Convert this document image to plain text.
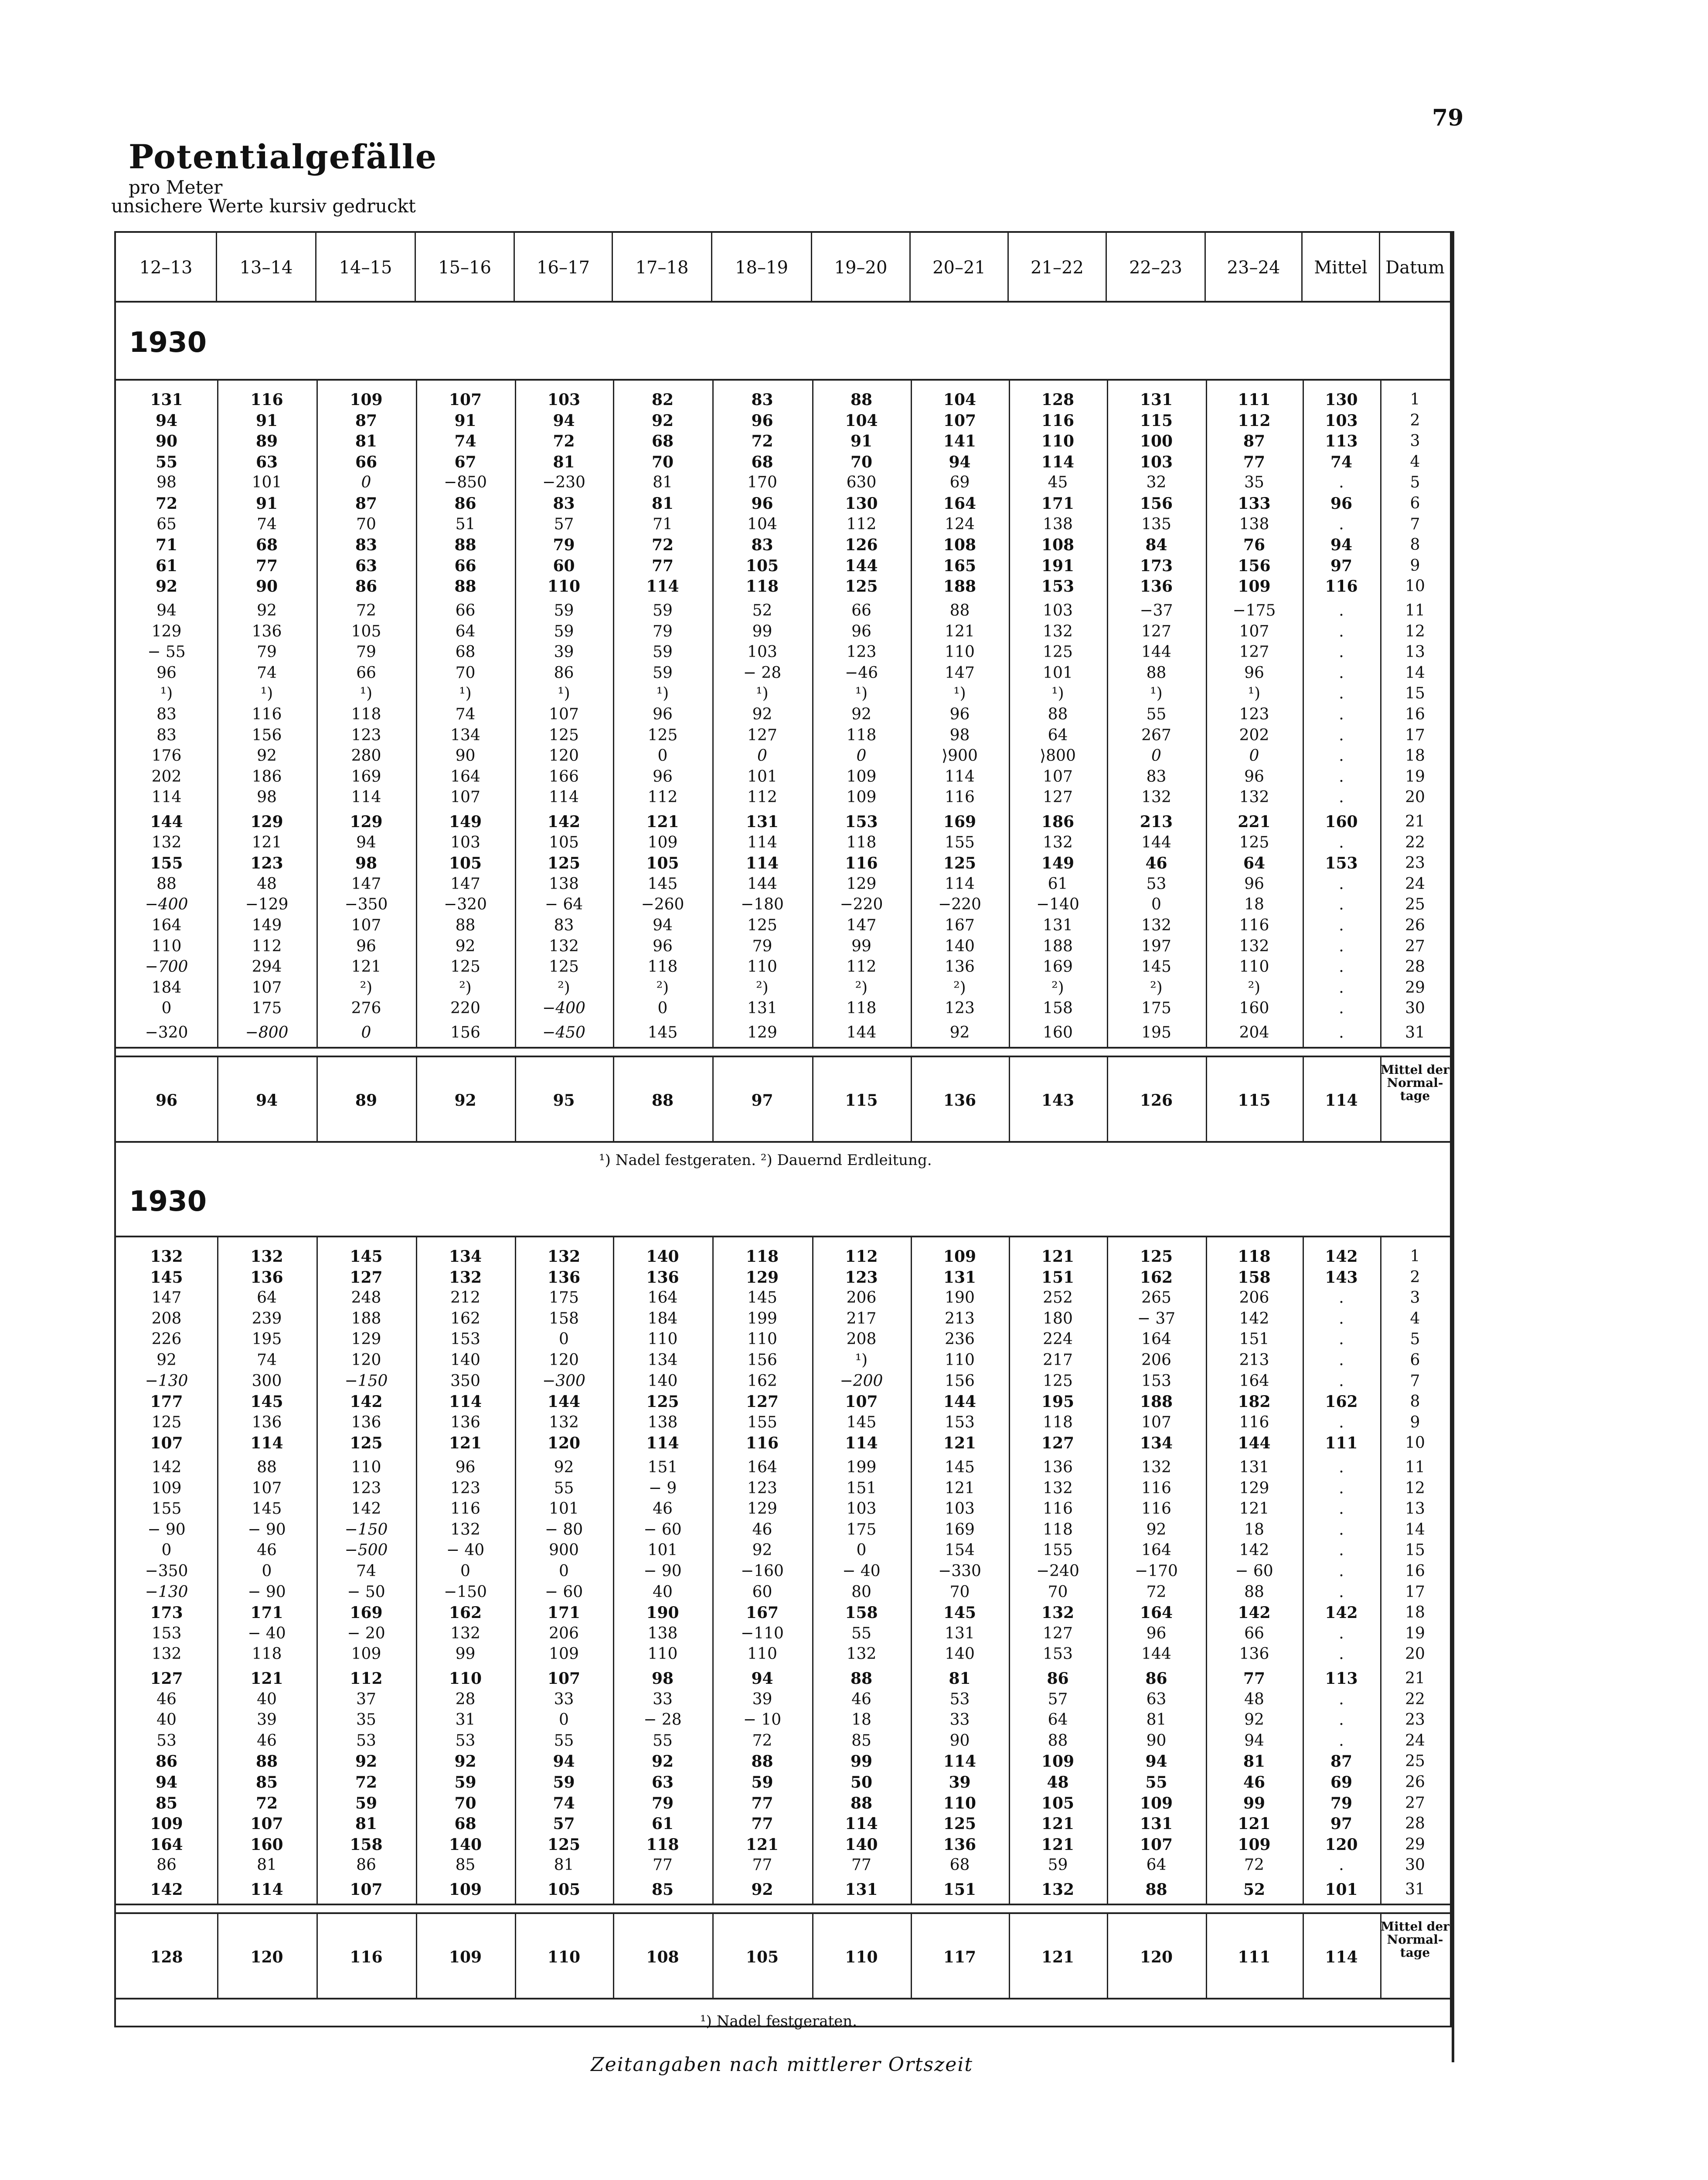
79
Potentialgefälle
pro Meter
unsichere Werte kursiv gedruckt
12–13	13–14	14–15	15–16	16–17	17–18	18–19	19–20	20–21	21–22	22–23	23–24	Mittel	Datum
1930
131	116	109	107	103	82	83	88	104	128	131	111	130	1
94	91	87	91	94	92	96	104	107	116	115	112	103	2
90	89	81	74	72	68	72	91	141	110	100	87	113	3
55	63	66	67	81	70	68	70	94	114	103	77	74	4
98	101	0	−850	−230	81	170	630	69	45	32	35	.	5
72	91	87	86	83	81	96	130	164	171	156	133	96	6
65	74	70	51	57	71	104	112	124	138	135	138	.	7
71	68	83	88	79	72	83	126	108	108	84	76	94	8
61	77	63	66	60	77	105	144	165	191	173	156	97	9
92	90	86	88	110	114	118	125	188	153	136	109	116	10
94	92	72	66	59	59	52	66	88	103	−37	−175	.	11
129	136	105	64	59	79	99	96	121	132	127	107	.	12
− 55	79	79	68	39	59	103	123	110	125	144	127	.	13
96	74	66	70	86	59	− 28	−46	147	101	88	96	.	14
¹)	¹)	¹)	¹)	¹)	¹)	¹)	¹)	¹)	¹)	¹)	¹)	.	15
83	116	118	74	107	96	92	92	96	88	55	123	.	16
83	156	123	134	125	125	127	118	98	64	267	202	.	17
176	92	280	90	120	0	0	0	⟩900	⟩800	0	0	.	18
202	186	169	164	166	96	101	109	114	107	83	96	.	19
114	98	114	107	114	112	112	109	116	127	132	132	.	20
144	129	129	149	142	121	131	153	169	186	213	221	160	21
132	121	94	103	105	109	114	118	155	132	144	125	.	22
155	123	98	105	125	105	114	116	125	149	46	64	153	23
88	48	147	147	138	145	144	129	114	61	53	96	.	24
−400	−129	−350	−320	− 64	−260	−180	−220	−220	−140	0	18	.	25
164	149	107	88	83	94	125	147	167	131	132	116	.	26
110	112	96	92	132	96	79	99	140	188	197	132	.	27
−700	294	121	125	125	118	110	112	136	169	145	110	.	28
184	107	²)	²)	²)	²)	²)	²)	²)	²)	²)	²)	.	29
0	175	276	220	−400	0	131	118	123	158	175	160	.	30
−320	−800	0	156	−450	145	129	144	92	160	195	204	.	31
96	94	89	92	95	88	97	115	136	143	126	115	114
Mittel der Normal-tage
¹) Nadel festgeraten. ²) Dauernd Erdleitung.
1930
132	132	145	134	132	140	118	112	109	121	125	118	142	1
145	136	127	132	136	136	129	123	131	151	162	158	143	2
147	64	248	212	175	164	145	206	190	252	265	206	.	3
208	239	188	162	158	184	199	217	213	180	− 37	142	.	4
226	195	129	153	0	110	110	208	236	224	164	151	.	5
92	74	120	140	120	134	156	¹)	110	217	206	213	.	6
−130	300	−150	350	−300	140	162	−200	156	125	153	164	.	7
177	145	142	114	144	125	127	107	144	195	188	182	162	8
125	136	136	136	132	138	155	145	153	118	107	116	.	9
107	114	125	121	120	114	116	114	121	127	134	144	111	10
142	88	110	96	92	151	164	199	145	136	132	131	.	11
109	107	123	123	55	− 9	123	151	121	132	116	129	.	12
155	145	142	116	101	46	129	103	103	116	116	121	.	13
− 90	− 90	−150	132	− 80	− 60	46	175	169	118	92	18	.	14
0	46	−500	− 40	900	101	92	0	154	155	164	142	.	15
−350	0	74	0	0	− 90	−160	− 40	−330	−240	−170	− 60	.	16
−130	− 90	− 50	−150	− 60	40	60	80	70	70	72	88	.	17
173	171	169	162	171	190	167	158	145	132	164	142	142	18
153	− 40	− 20	132	206	138	−110	55	131	127	96	66	.	19
132	118	109	99	109	110	110	132	140	153	144	136	.	20
127	121	112	110	107	98	94	88	81	86	86	77	113	21
46	40	37	28	33	33	39	46	53	57	63	48	.	22
40	39	35	31	0	− 28	− 10	18	33	64	81	92	.	23
53	46	53	53	55	55	72	85	90	88	90	94	.	24
86	88	92	92	94	92	88	99	114	109	94	81	87	25
94	85	72	59	59	63	59	50	39	48	55	46	69	26
85	72	59	70	74	79	77	88	110	105	109	99	79	27
109	107	81	68	57	61	77	114	125	121	131	121	97	28
164	160	158	140	125	118	121	140	136	121	107	109	120	29
86	81	86	85	81	77	77	77	68	59	64	72	.	30
142	114	107	109	105	85	92	131	151	132	88	52	101	31
128	120	116	109	110	108	105	110	117	121	120	111	114
Mittel der Normal-tage
¹) Nadel festgeraten.
Zeitangaben nach mittlerer Ortszeit
